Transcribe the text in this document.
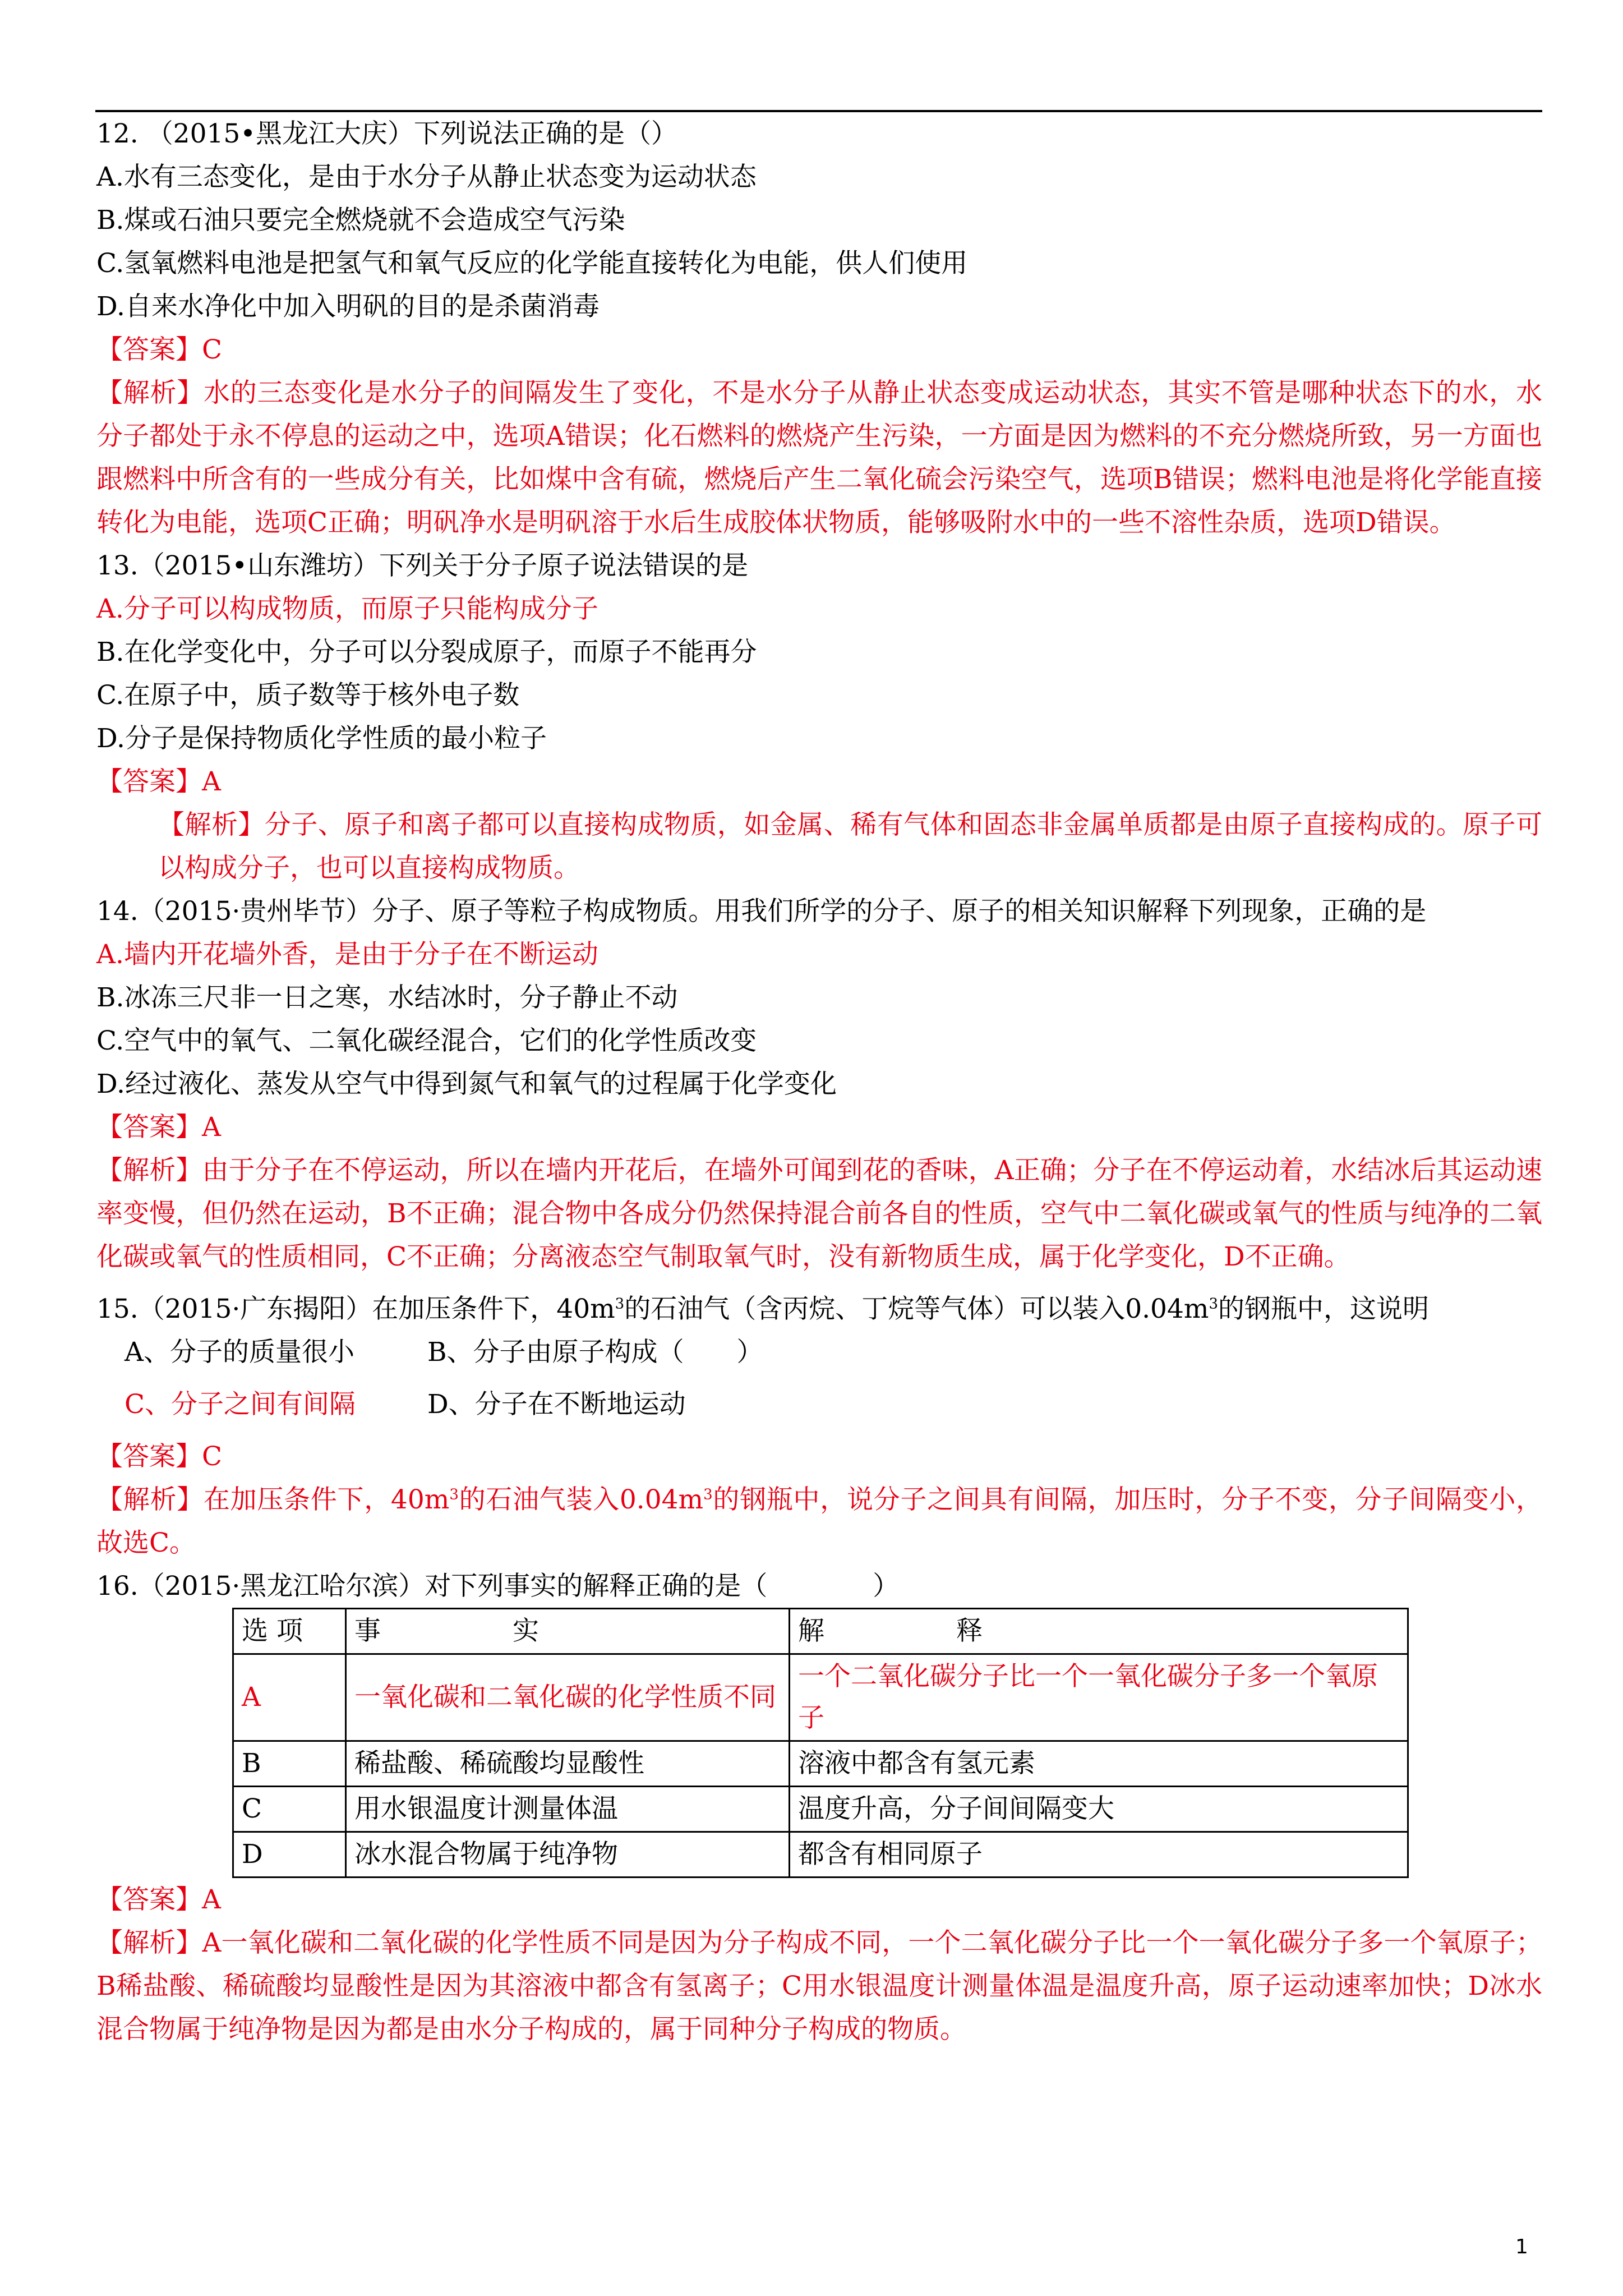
12. （2015•黑龙江大庆）下列说法正确的是（）
A.水有三态变化，是由于水分子从静止状态变为运动状态
B.煤或石油只要完全燃烧就不会造成空气污染
C.氢氧燃料电池是把氢气和氧气反应的化学能直接转化为电能，供人们使用
D.自来水净化中加入明矾的目的是杀菌消毒
【答案】C
【解析】水的三态变化是水分子的间隔发生了变化，不是水分子从静止状态变成运动状态，其实不管是哪种状态下的水，水分子都处于永不停息的运动之中，选项A错误；化石燃料的燃烧产生污染，一方面是因为燃料的不充分燃烧所致，另一方面也跟燃料中所含有的一些成分有关，比如煤中含有硫，燃烧后产生二氧化硫会污染空气，选项B错误；燃料电池是将化学能直接转化为电能，选项C正确；明矾净水是明矾溶于水后生成胶体状物质，能够吸附水中的一些不溶性杂质，选项D错误。
13.（2015•山东潍坊）下列关于分子原子说法错误的是
A.分子可以构成物质，而原子只能构成分子
B.在化学变化中，分子可以分裂成原子，而原子不能再分
C.在原子中，质子数等于核外电子数
D.分子是保持物质化学性质的最小粒子
【答案】A
【解析】分子、原子和离子都可以直接构成物质，如金属、稀有气体和固态非金属单质都是由原子直接构成的。原子可以构成分子，也可以直接构成物质。
14.（2015·贵州毕节）分子、原子等粒子构成物质。用我们所学的分子、原子的相关知识解释下列现象，正确的是
A.墙内开花墙外香，是由于分子在不断运动
B.冰冻三尺非一日之寒，水结冰时，分子静止不动
C.空气中的氧气、二氧化碳经混合，它们的化学性质改变
D.经过液化、蒸发从空气中得到氮气和氧气的过程属于化学变化
【答案】A
【解析】由于分子在不停运动，所以在墙内开花后，在墙外可闻到花的香味，A正确；分子在不停运动着，水结冰后其运动速率变慢，但仍然在运动，B不正确；混合物中各成分仍然保持混合前各自的性质，空气中二氧化碳或氧气的性质与纯净的二氧化碳或氧气的性质相同，C不正确；分离液态空气制取氧气时，没有新物质生成，属于化学变化，D不正确。
15.（2015·广东揭阳）在加压条件下，$40m^3$的石油气（含丙烷、丁烷等气体）可以装入$0.04m^3$的钢瓶中，这说明
A、分子的质量很小	B、分子由原子构成（　　）
C、分子之间有间隔	D、分子在不断地运动
【答案】C
【解析】在加压条件下，$40m^3$的石油气装入$0.04m^3$的钢瓶中，说分子之间具有间隔，加压时，分子不变，分子间隔变小，故选C。
16.（2015·黑龙江哈尔滨）对下列事实的解释正确的是（　　　　）
选 项	事　　　　　实	解　　　　　释
A	一氧化碳和二氧化碳的化学性质不同	一个二氧化碳分子比一个一氧化碳分子多一个氧原子
B	稀盐酸、稀硫酸均显酸性	溶液中都含有氢元素
C	用水银温度计测量体温	温度升高，分子间间隔变大
D	冰水混合物属于纯净物	都含有相同原子
【答案】A
【解析】A一氧化碳和二氧化碳的化学性质不同是因为分子构成不同，一个二氧化碳分子比一个一氧化碳分子多一个氧原子；B稀盐酸、稀硫酸均显酸性是因为其溶液中都含有氢离子；C用水银温度计测量体温是温度升高，原子运动速率加快；D冰水混合物属于纯净物是因为都是由水分子构成的，属于同种分子构成的物质。
1
